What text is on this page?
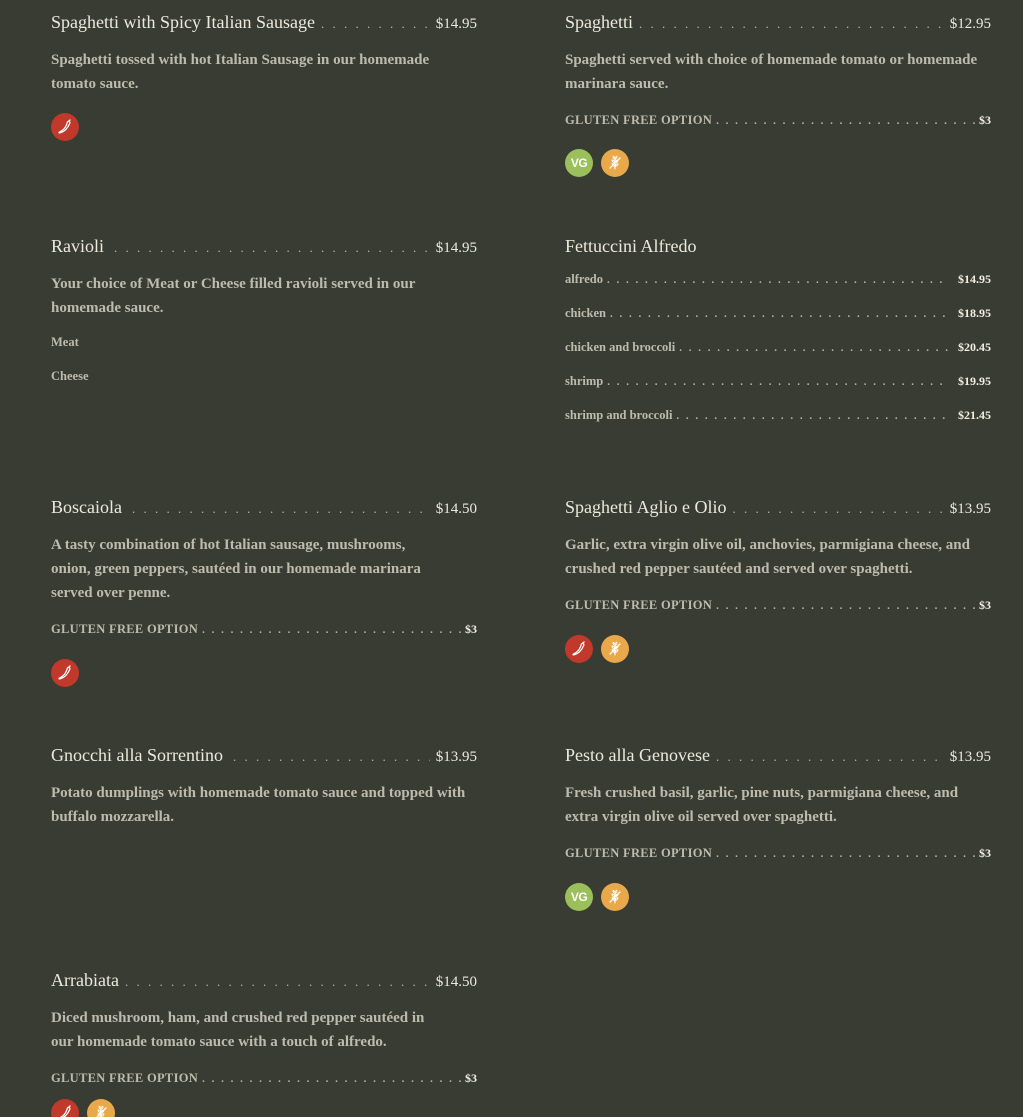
Spaghetti with Spicy Italian Sausage . . .	$14.95
Spaghetti tossed with hot Italian Sausage in our homemade tomato sauce.
Spaghetti . . .	$12.95
Spaghetti served with choice of homemade tomato or homemade marinara sauce.
GLUTEN FREE OPTION . . .	$3
VG
Ravioli . . .	$14.95
Your choice of Meat or Cheese filled ravioli served in our homemade sauce.
Meat
Cheese
Fettuccini Alfredo
alfredo . . .	$14.95
chicken . . .	$18.95
chicken and broccoli . . .	$20.45
shrimp . . .	$19.95
shrimp and broccoli . . .	$21.45
Boscaiola . . .	$14.50
A tasty combination of hot Italian sausage, mushrooms, onion, green peppers, sautéed in our homemade marinara served over penne.
GLUTEN FREE OPTION . . .	$3
Spaghetti Aglio e Olio . . .	$13.95
Garlic, extra virgin olive oil, anchovies, parmigiana cheese, and crushed red pepper sautéed and served over spaghetti.
GLUTEN FREE OPTION . . .	$3
Gnocchi alla Sorrentino . . .	$13.95
Potato dumplings with homemade tomato sauce and topped with buffalo mozzarella.
Pesto alla Genovese . . .	$13.95
Fresh crushed basil, garlic, pine nuts, parmigiana cheese, and extra virgin olive oil served over spaghetti.
GLUTEN FREE OPTION . . .	$3
VG
Arrabiata . . .	$14.50
Diced mushroom, ham, and crushed red pepper sautéed in our homemade tomato sauce with a touch of alfredo.
GLUTEN FREE OPTION . . .	$3
